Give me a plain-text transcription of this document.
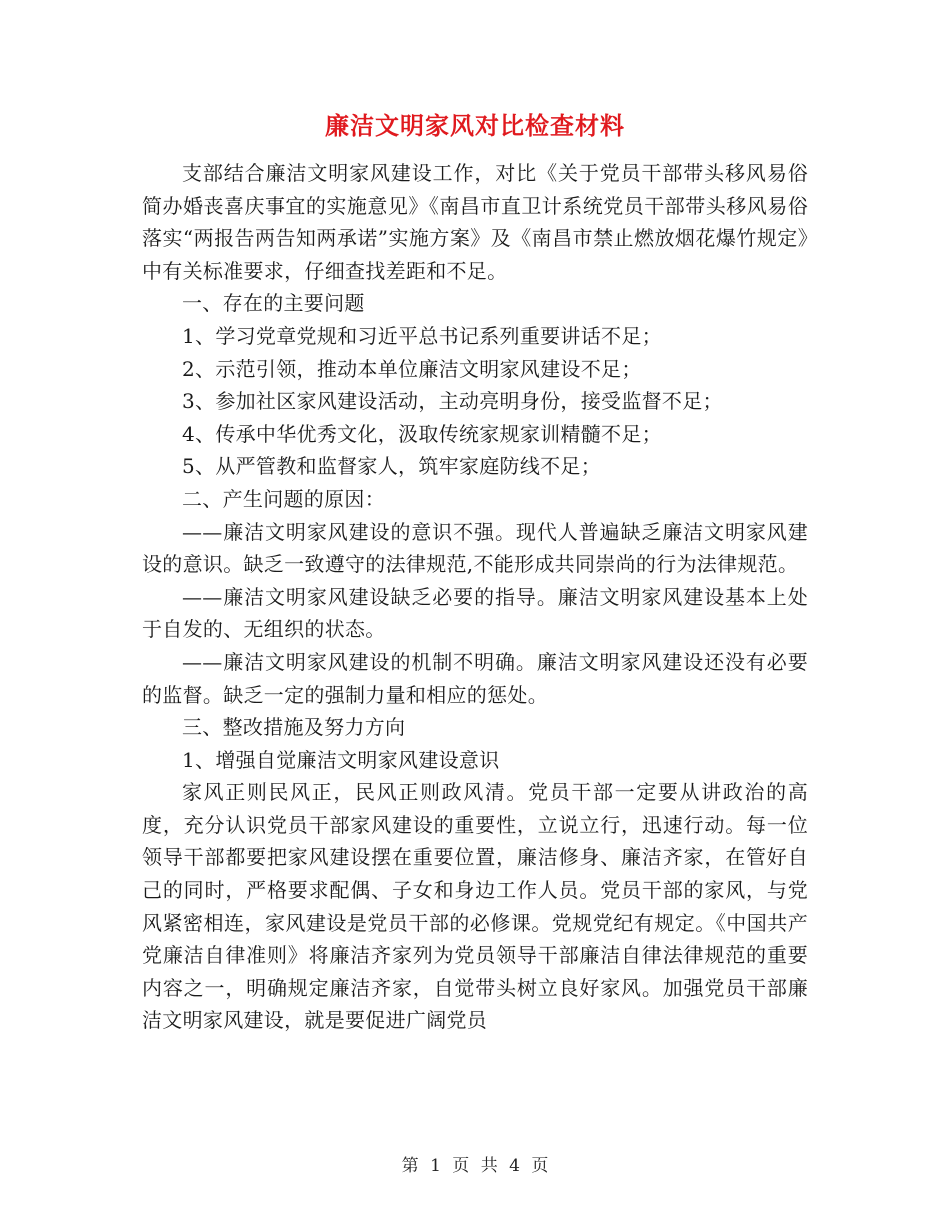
廉洁文明家风对比检查材料

支部结合廉洁文明家风建设工作，对比《关于党员干部带头移风易俗简办婚丧喜庆事宜的实施意见》《南昌市直卫计系统党员干部带头移风易俗落实“两报告两告知两承诺”实施方案》及《南昌市禁止燃放烟花爆竹规定》中有关标准要求，仔细查找差距和不足。

一、存在的主要问题

1、学习党章党规和习近平总书记系列重要讲话不足；

2、示范引领，推动本单位廉洁文明家风建设不足；

3、参加社区家风建设活动，主动亮明身份，接受监督不足；

4、传承中华优秀文化，汲取传统家规家训精髓不足；

5、从严管教和监督家人，筑牢家庭防线不足；

二、产生问题的原因：

——廉洁文明家风建设的意识不强。现代人普遍缺乏廉洁文明家风建设的意识。缺乏一致遵守的法律规范,不能形成共同崇尚的行为法律规范。

——廉洁文明家风建设缺乏必要的指导。廉洁文明家风建设基本上处于自发的、无组织的状态。

——廉洁文明家风建设的机制不明确。廉洁文明家风建设还没有必要的监督。缺乏一定的强制力量和相应的惩处。

三、整改措施及努力方向

1、增强自觉廉洁文明家风建设意识

家风正则民风正，民风正则政风清。党员干部一定要从讲政治的高度，充分认识党员干部家风建设的重要性，立说立行，迅速行动。每一位领导干部都要把家风建设摆在重要位置，廉洁修身、廉洁齐家，在管好自己的同时，严格要求配偶、子女和身边工作人员。党员干部的家风，与党风紧密相连，家风建设是党员干部的必修课。党规党纪有规定。《中国共产党廉洁自律准则》将廉洁齐家列为党员领导干部廉洁自律法律规范的重要内容之一，明确规定廉洁齐家，自觉带头树立良好家风。加强党员干部廉洁文明家风建设，就是要促进广阔党员

第 1 页 共 4 页
